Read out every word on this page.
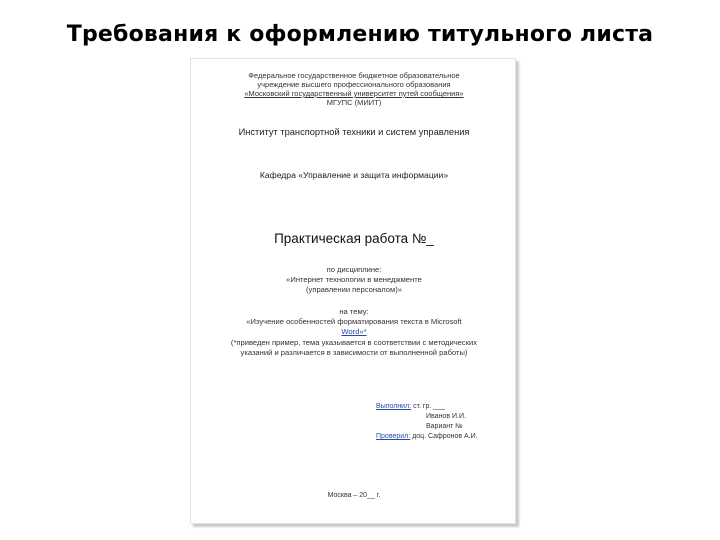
Требования к оформлению титульного листа
Федеральное государственное бюджетное образовательное
учреждение высшего профессионального образования
«Московский государственный университет путей сообщения»
МГУПС (МИИТ)
Институт транспортной техники и систем управления
Кафедра «Управление и защита информации»
Практическая работа №_
по дисциплине:
«Интернет технологии в менеджменте
(управлении персоналом)»
на тему:
«Изучение особенностей форматирования текста в Microsoft
Word»*
(*приведен пример, тема указывается в соответствии с методических
указаний и различается в зависимости от выполненной работы)
Выполнил: ст. гр. ___
Иванов И.И.
Вариант №
Проверил: доц. Сафронов А.И.
Москва – 20__ г.
